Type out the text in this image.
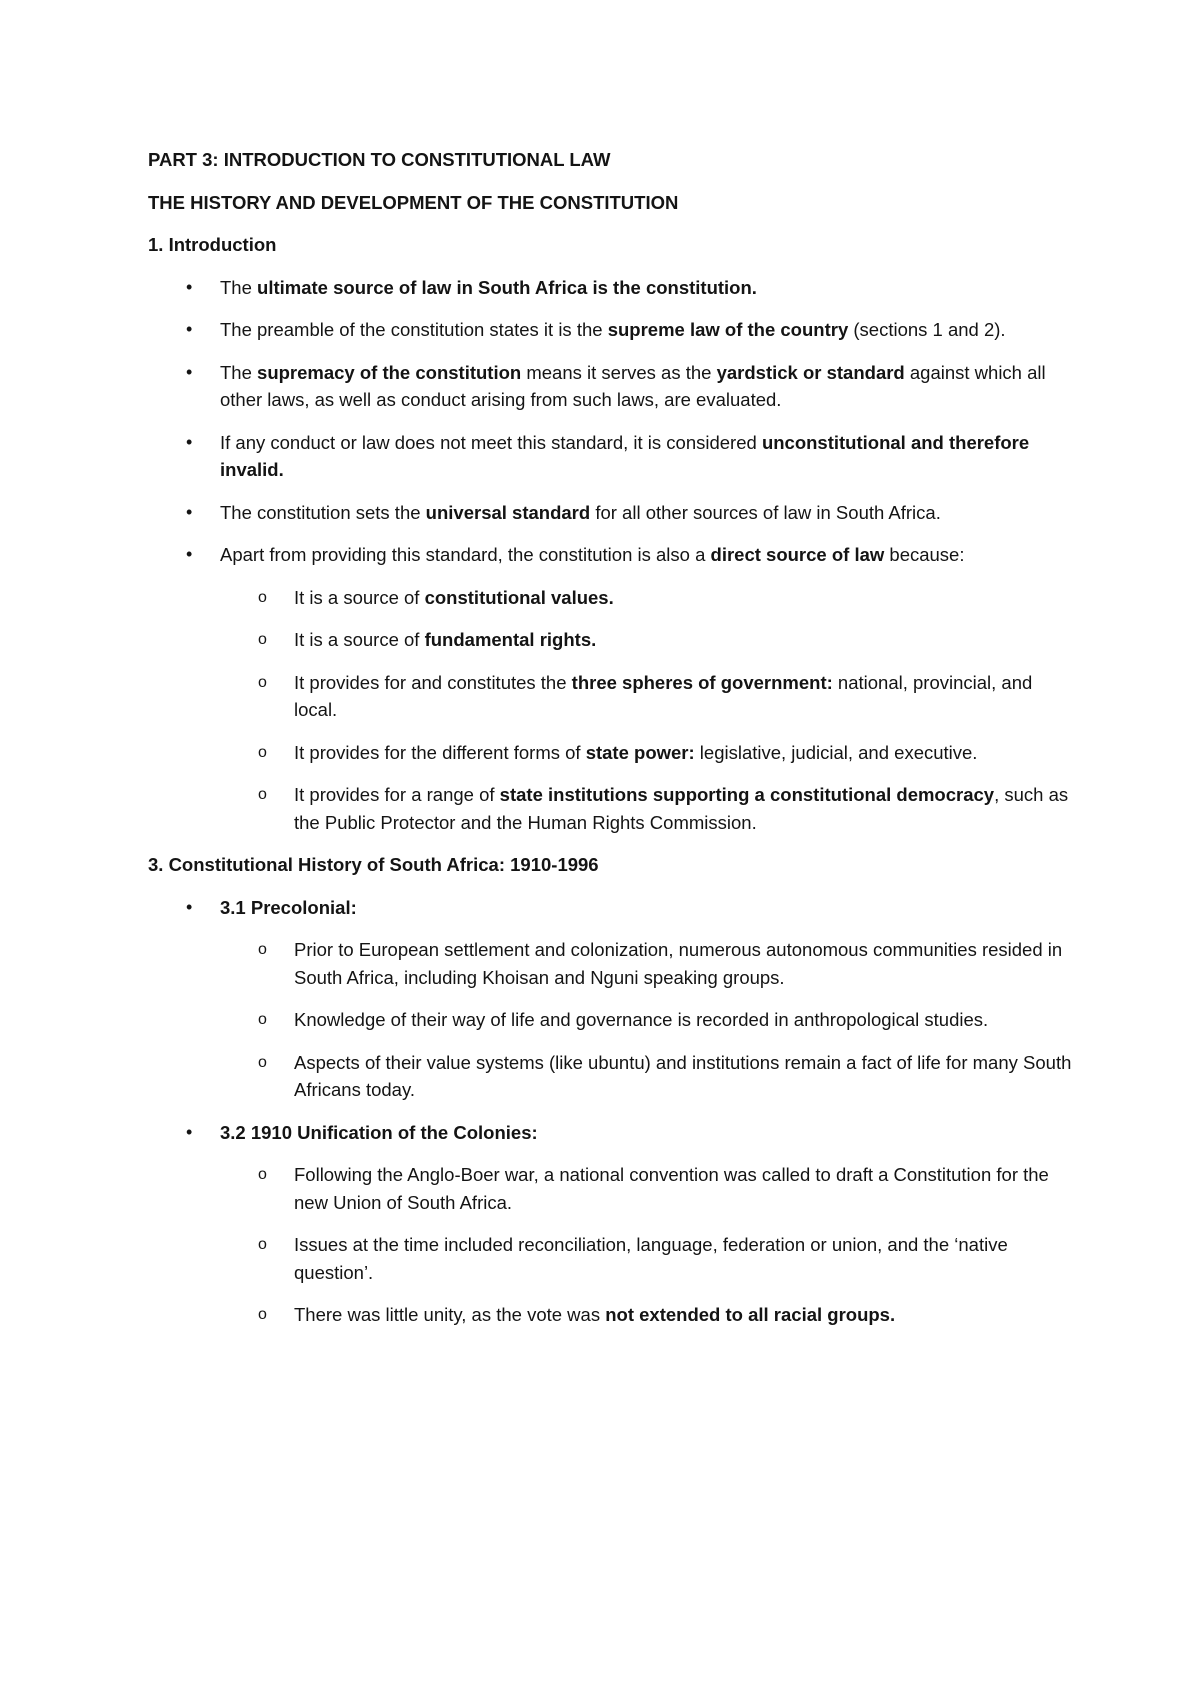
PART 3: INTRODUCTION TO CONSTITUTIONAL LAW
THE HISTORY AND DEVELOPMENT OF THE CONSTITUTION
1. Introduction
• The ultimate source of law in South Africa is the constitution.
• The preamble of the constitution states it is the supreme law of the country (sections 1 and 2).
• The supremacy of the constitution means it serves as the yardstick or standard against which all other laws, as well as conduct arising from such laws, are evaluated.
• If any conduct or law does not meet this standard, it is considered unconstitutional and therefore invalid.
• The constitution sets the universal standard for all other sources of law in South Africa.
• Apart from providing this standard, the constitution is also a direct source of law because:
o It is a source of constitutional values.
o It is a source of fundamental rights.
o It provides for and constitutes the three spheres of government: national, provincial, and local.
o It provides for the different forms of state power: legislative, judicial, and executive.
o It provides for a range of state institutions supporting a constitutional democracy, such as the Public Protector and the Human Rights Commission.
3. Constitutional History of South Africa: 1910-1996
• 3.1 Precolonial:
o Prior to European settlement and colonization, numerous autonomous communities resided in South Africa, including Khoisan and Nguni speaking groups.
o Knowledge of their way of life and governance is recorded in anthropological studies.
o Aspects of their value systems (like ubuntu) and institutions remain a fact of life for many South Africans today.
• 3.2 1910 Unification of the Colonies:
o Following the Anglo-Boer war, a national convention was called to draft a Constitution for the new Union of South Africa.
o Issues at the time included reconciliation, language, federation or union, and the ‘native question’.
o There was little unity, as the vote was not extended to all racial groups.
